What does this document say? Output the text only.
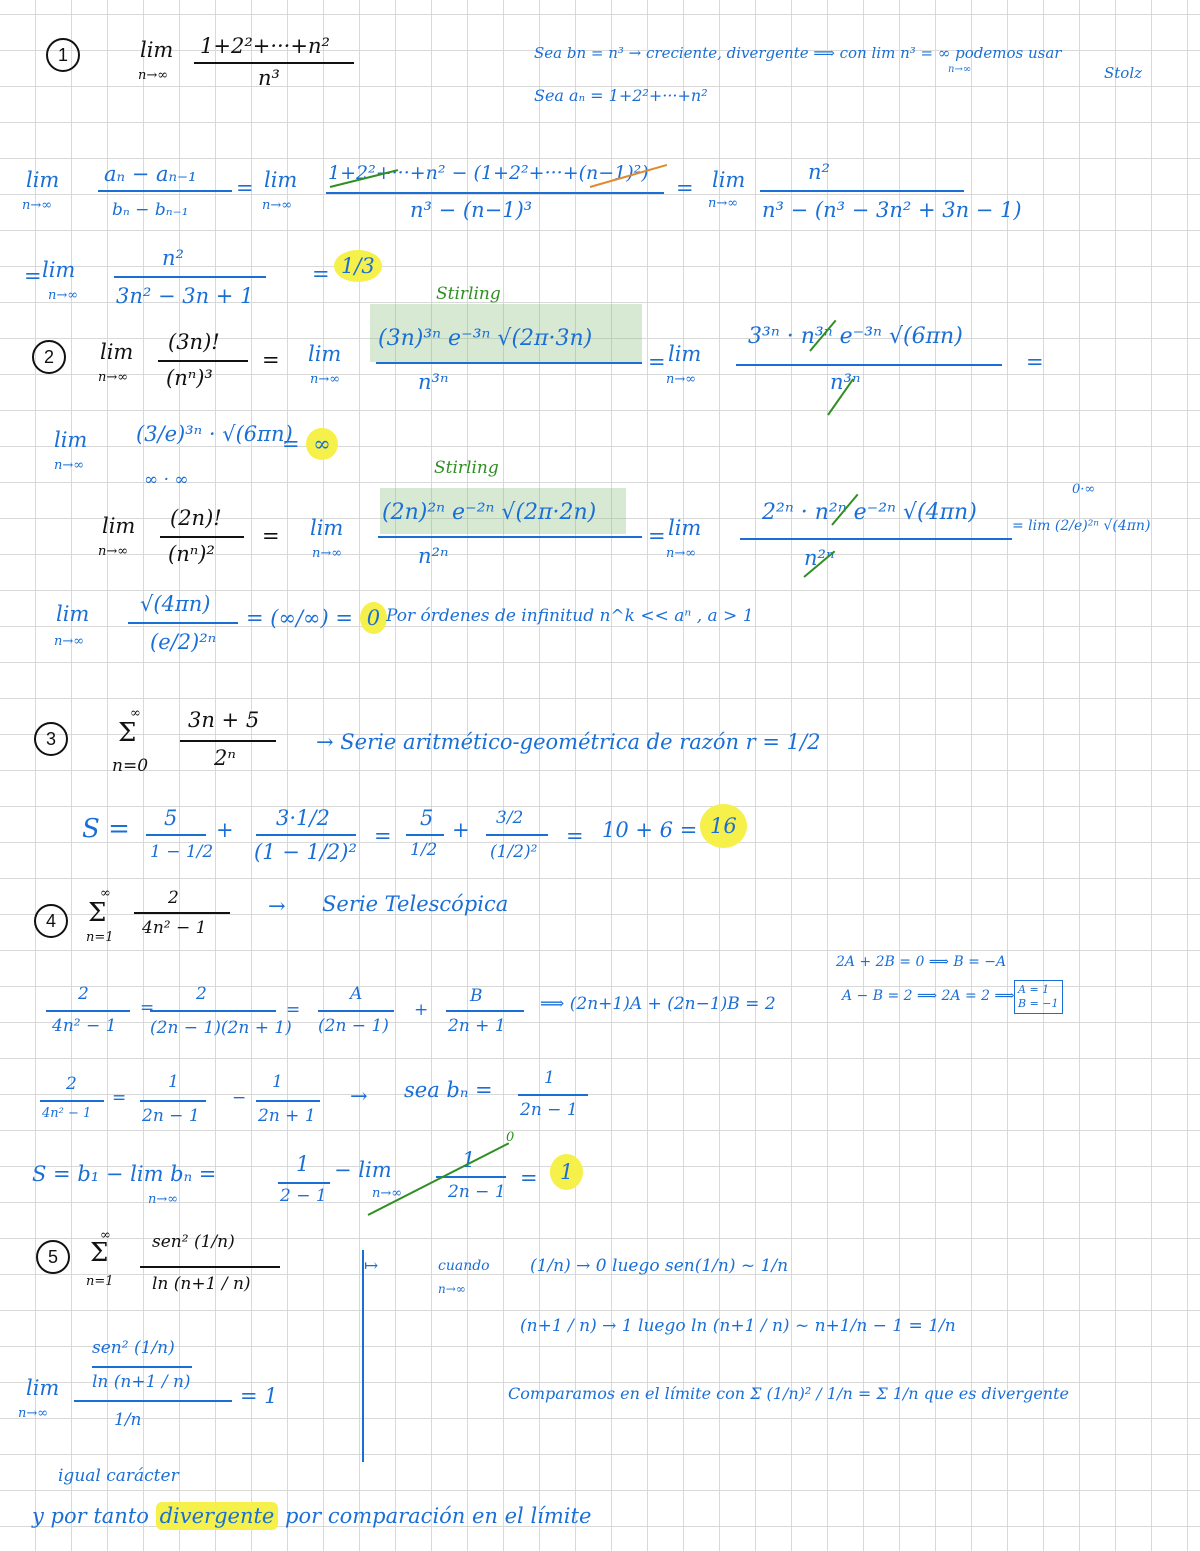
1	lim
n→∞
1+2²+···+n²
n³
Sea bn = n³ → creciente, divergente ⟹ con lim n³ = ∞ podemos usar
n→∞	Stolz
Sea aₙ = 1+2²+···+n²
lim
n→∞
aₙ − aₙ₋₁
bₙ − bₙ₋₁
= lim
n→∞
1+2²+···+n² − (1+2²+···+(n−1)²)
n³ − (n−1)³
= lim
n→∞
n²
n³ − (n³ − 3n² + 3n − 1)
= lim
n→∞
n²
3n² − 3n + 1
= 1/3
Stirling
2 lim
n→∞
(3n)!
(nⁿ)³
= lim
n→∞
(3n)³ⁿ e⁻³ⁿ √(2π·3n)
n³ⁿ
= lim
n→∞
3³ⁿ · n³ⁿ e⁻³ⁿ √(6πn)
n³ⁿ
=
lim
n→∞
(3/e)³ⁿ · √(6πn)
∞ · ∞
= ∞
Stirling
lim
n→∞
(2n)!
(nⁿ)²
= lim
n→∞
(2n)²ⁿ e⁻²ⁿ √(2π·2n)
n²ⁿ
= lim
n→∞
2²ⁿ · n²ⁿ e⁻²ⁿ √(4πn)
n²ⁿ
0·∞
= lim (2/e)²ⁿ √(4πn)
lim
n→∞
√(4πn)
(e/2)²ⁿ
= (∞/∞) = 0 Por órdenes de infinitud n^k << aⁿ , a > 1
3
∞
Σ
n=0
3n + 5
2ⁿ
→ Serie aritmético-geométrica de razón r = 1/2
S = 5
1 − 1/2
+ 3·1/2
(1 − 1/2)²
=
5
1/2
+ 3/2
(1/2)²
= 10 + 6 = 16
4
∞
Σ
n=1
2
4n² − 1
→ Serie Telescópica
2A + 2B = 0 ⟹ B = −A
A − B = 2 ⟹ 2A = 2 ⟹ A = 1
B = −1
2
4n² − 1
=
2
(2n − 1)(2n + 1)
=
A
(2n − 1)
+
B
2n + 1
⟹ (2n+1)A + (2n−1)B = 2
2
4n² − 1
=
1
2n − 1
−
1
2n + 1
→ sea bₙ =	1
2n − 1
S = b₁ − lim bₙ =
n→∞
1
2 − 1
− lim
n→∞
1
2n − 1
0
=	1
5
∞
Σ
n=1
sen² (1/n)
ln (n+1 / n)
↦	cuando
n→∞
(1/n) → 0 luego sen(1/n) ~ 1/n
(n+1 / n) → 1 luego ln (n+1 / n) ~ n+1/n − 1 = 1/n
Comparamos en el límite con Σ (1/n)² / 1/n = Σ 1/n que es divergente
lim
n→∞
sen² (1/n)
ln (n+1 / n)
1/n
= 1
igual carácter
y por tanto divergente por comparación en el límite
